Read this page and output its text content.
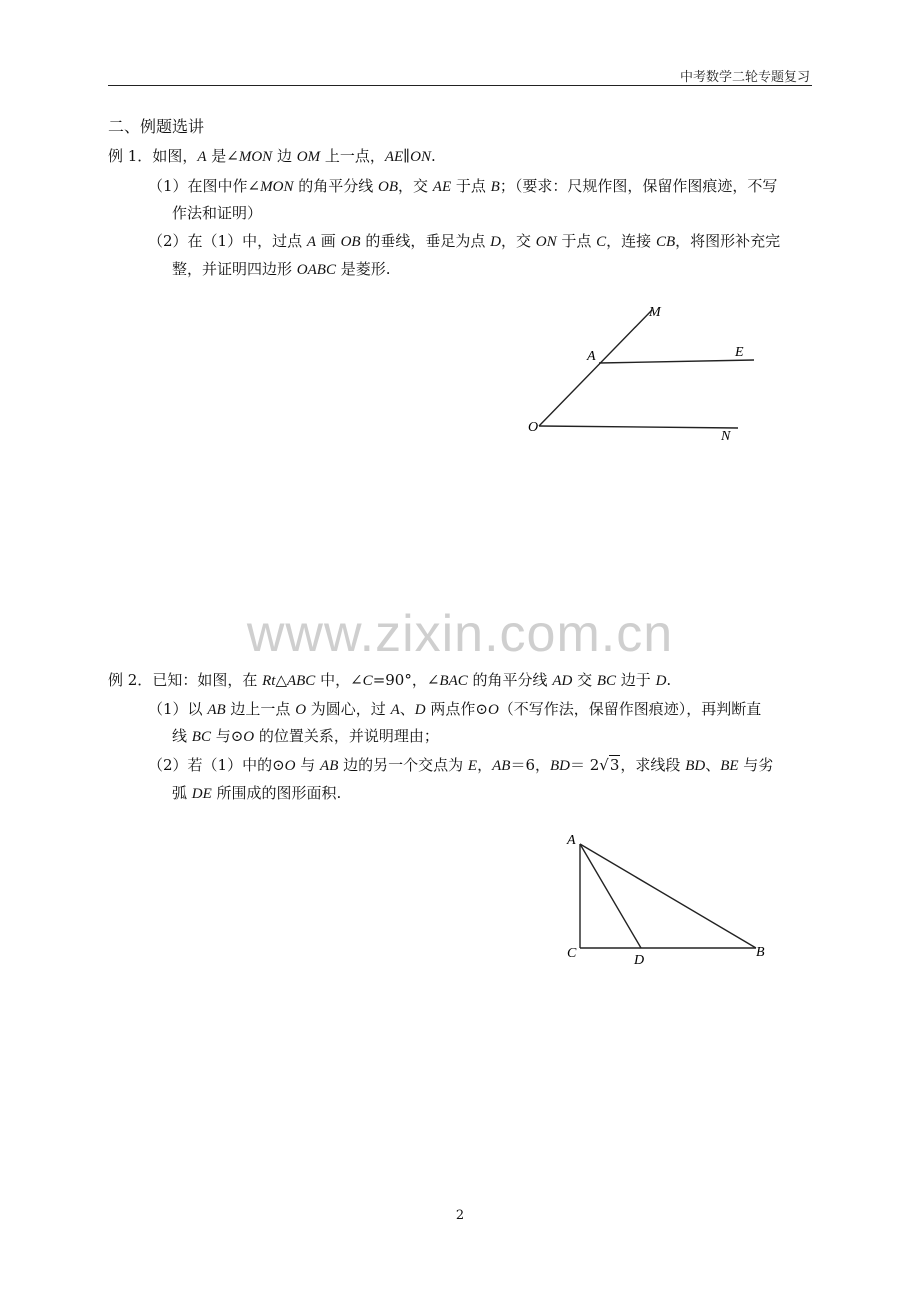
中考数学二轮专题复习
二、例题选讲
例 1．如图，A 是∠MON 边 OM 上一点，AE∥ON.
（1）在图中作∠MON 的角平分线 OB，交 AE 于点 B；（要求：尺规作图，保留作图痕迹，不写
作法和证明）
（2）在（1）中，过点 A 画 OB 的垂线，垂足为点 D，交 ON 于点 C，连接 CB，将图形补充完
整，并证明四边形 OABC 是菱形.
M
A	E
O
N
www.zixin.com.cn
例 2．已知：如图，在 Rt△ABC 中，∠C=90°，∠BAC 的角平分线 AD 交 BC 边于 D.
（1）以 AB 边上一点 O 为圆心，过 A、D 两点作⊙O（不写作法，保留作图痕迹），再判断直
线 BC 与⊙O 的位置关系，并说明理由；
（2）若（1）中的⊙O 与 AB 边的另一个交点为 E，AB＝6，BD＝ 2√3，求线段 BD、BE 与劣
弧 DE 所围成的图形面积.
A
C	D
B
2
